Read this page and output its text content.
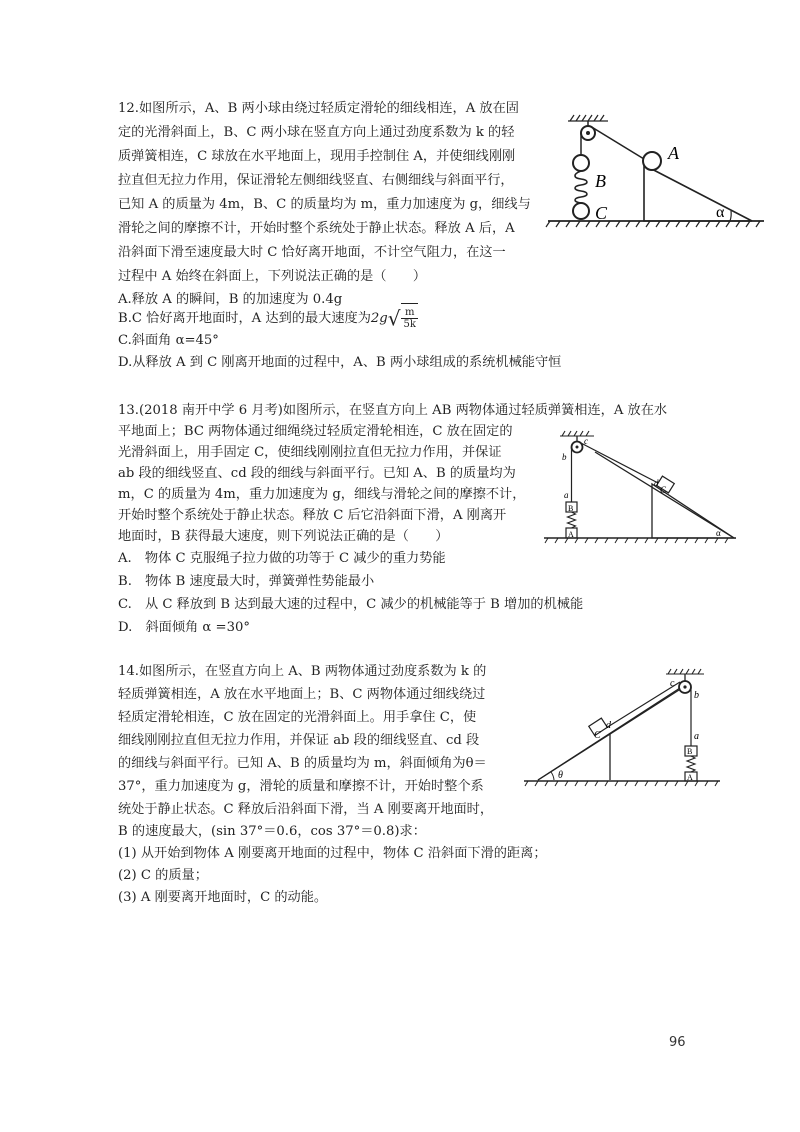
12.如图所示，A、B 两小球由绕过轻质定滑轮的细线相连，A 放在固
定的光滑斜面上，B、C 两小球在竖直方向上通过劲度系数为 k 的轻
质弹簧相连，C 球放在水平地面上，现用手控制住 A，并使细线刚刚
拉直但无拉力作用，保证滑轮左侧细线竖直、右侧细线与斜面平行，
已知 A 的质量为 4m，B、C 的质量均为 m，重力加速度为 g，细线与
滑轮之间的摩擦不计，开始时整个系统处于静止状态。释放 A 后，A
沿斜面下滑至速度最大时 C 恰好离开地面，不计空气阻力，在这一
过程中 A 始终在斜面上，下列说法正确的是（　　）
A.释放 A 的瞬间，B 的加速度为 0.4g
B.C 恰好离开地面时，A 达到的最大速度为$2g√ \frac{m}{5k}$
C.斜面角 α=45°
D.从释放 A 到 C 刚离开地面的过程中，A、B 两小球组成的系统机械能守恒
A
B
C	α
13.(2018 南开中学 6 月考)如图所示，在竖直方向上 AB 两物体通过轻质弹簧相连，A 放在水
平地面上；BC 两物体通过细绳绕过轻质定滑轮相连，C 放在固定的
光滑斜面上，用手固定 C，使细线刚刚拉直但无拉力作用，并保证
ab 段的细线竖直、cd 段的细线与斜面平行。已知 A、B 的质量均为
m，C 的质量为 4m，重力加速度为 g，细线与滑轮之间的摩擦不计，
开始时整个系统处于静止状态。释放 C 后它沿斜面下滑，A 刚离开
地面时，B 获得最大速度，则下列说法正确的是（　　）
A.　物体 C 克服绳子拉力做的功等于 C 减少的重力势能
B.　物体 B 速度最大时，弹簧弹性势能最小
C.　从 C 释放到 B 达到最大速的过程中，C 减少的机械能等于 B 增加的机械能
D.　斜面倾角 α =30°
b
c
a
d
B
A
C
α
14.如图所示，在竖直方向上 A、B 两物体通过劲度系数为 k 的
轻质弹簧相连，A 放在水平地面上；B、C 两物体通过细线绕过
轻质定滑轮相连，C 放在固定的光滑斜面上。用手拿住 C，使
细线刚刚拉直但无拉力作用，并保证 ab 段的细线竖直、cd 段
的细线与斜面平行。已知 A、B 的质量均为 m，斜面倾角为θ＝
37°，重力加速度为 g，滑轮的质量和摩擦不计，开始时整个系
统处于静止状态。C 释放后沿斜面下滑，当 A 刚要离开地面时，
B 的速度最大，(sin 37°＝0.6，cos 37°＝0.8)求：
(1) 从开始到物体 A 刚要离开地面的过程中，物体 C 沿斜面下滑的距离；
(2) C 的质量；
(3) A 刚要离开地面时，C 的动能。
c
b
a
d
B
A
C
θ
96
